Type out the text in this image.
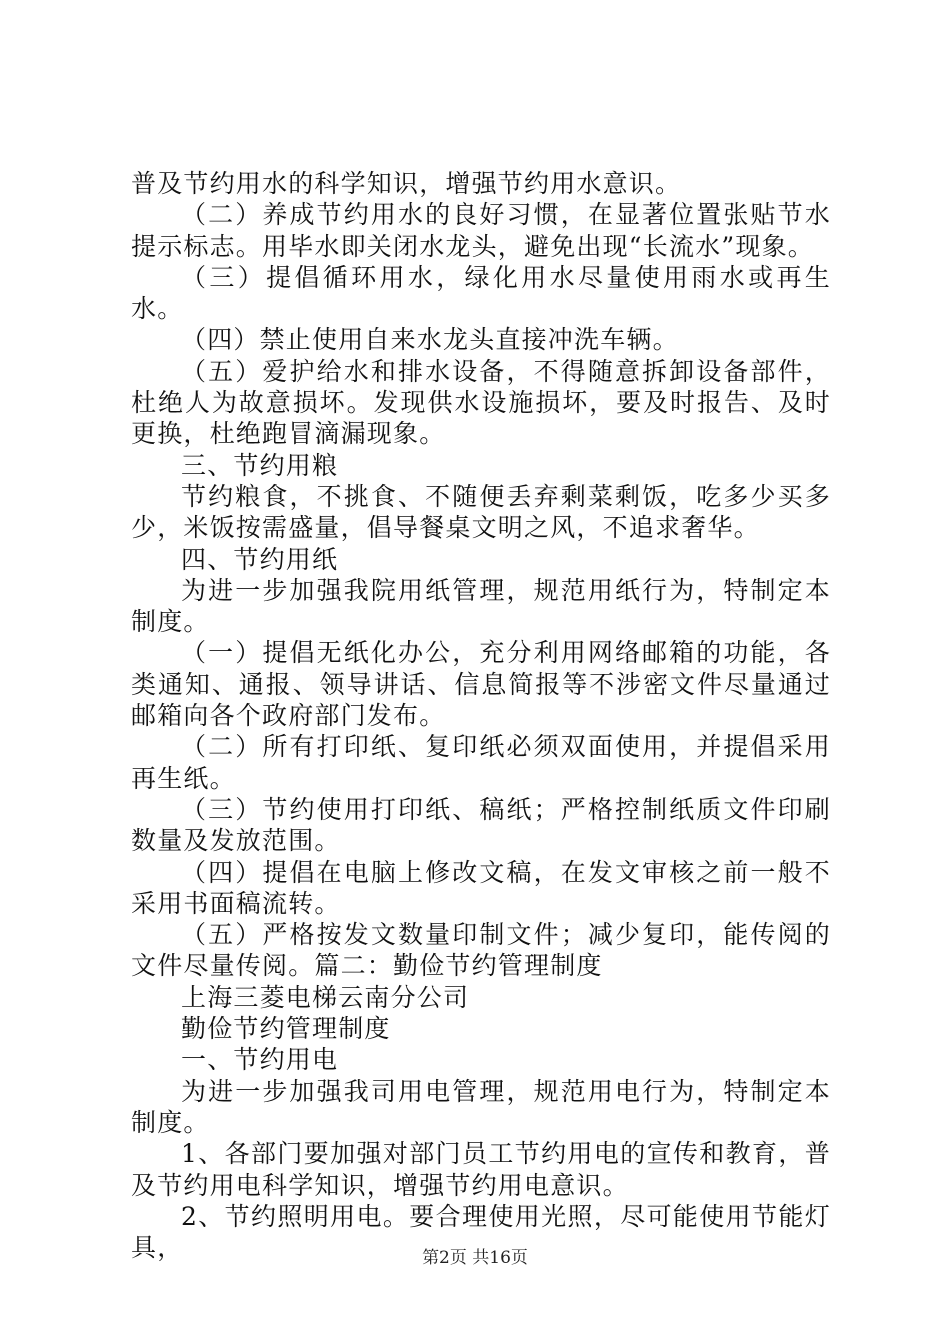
普及节约用水的科学知识，增强节约用水意识。

（二）养成节约用水的良好习惯，在显著位置张贴节水提示标志。用毕水即关闭水龙头，避免出现“长流水”现象。

（三）提倡循环用水，绿化用水尽量使用雨水或再生水。

（四）禁止使用自来水龙头直接冲洗车辆。

（五）爱护给水和排水设备，不得随意拆卸设备部件，杜绝人为故意损坏。发现供水设施损坏，要及时报告、及时更换，杜绝跑冒滴漏现象。

三、节约用粮

节约粮食，不挑食、不随便丢弃剩菜剩饭，吃多少买多少，米饭按需盛量，倡导餐桌文明之风，不追求奢华。

四、节约用纸

为进一步加强我院用纸管理，规范用纸行为，特制定本制度。

（一）提倡无纸化办公，充分利用网络邮箱的功能，各类通知、通报、领导讲话、信息简报等不涉密文件尽量通过邮箱向各个政府部门发布。

（二）所有打印纸、复印纸必须双面使用，并提倡采用再生纸。

（三）节约使用打印纸、稿纸；严格控制纸质文件印刷数量及发放范围。

（四）提倡在电脑上修改文稿，在发文审核之前一般不采用书面稿流转。

（五）严格按发文数量印制文件；减少复印，能传阅的文件尽量传阅。篇二：勤俭节约管理制度

上海三菱电梯云南分公司

勤俭节约管理制度

一、节约用电

为进一步加强我司用电管理，规范用电行为，特制定本制度。

1、各部门要加强对部门员工节约用电的宣传和教育，普及节约用电科学知识，增强节约用电意识。

2、节约照明用电。要合理使用光照，尽可能使用节能灯具，	第2页 共16页
